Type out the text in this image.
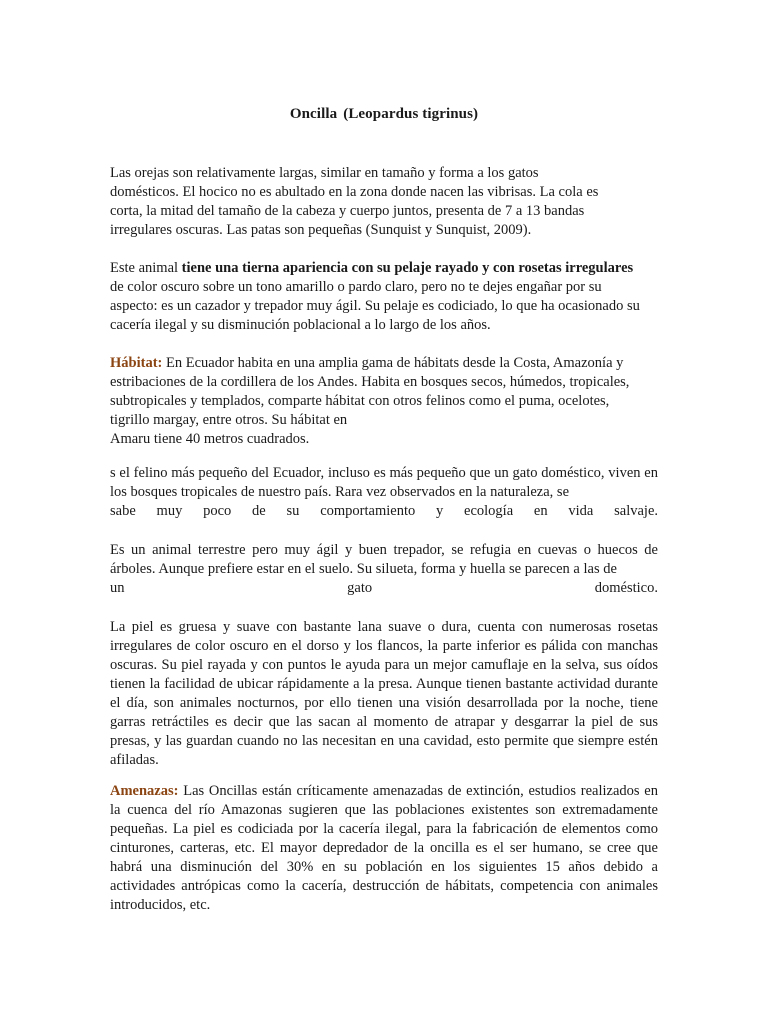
Oncilla (Leopardus tigrinus)
Las orejas son relativamente largas, similar en tamaño y forma a los gatos
domésticos. El hocico no es abultado en la zona donde nacen las vibrisas. La cola es
corta, la mitad del tamaño de la cabeza y cuerpo juntos, presenta de 7 a 13 bandas
irregulares oscuras. Las patas son pequeñas (Sunquist y Sunquist, 2009).
Este animal tiene una tierna apariencia con su pelaje rayado y con rosetas irregulares de color oscuro sobre un tono amarillo o pardo claro, pero no te dejes engañar por su aspecto: es un cazador y trepador muy ágil. Su pelaje es codiciado, lo que ha ocasionado su cacería ilegal y su disminución poblacional a lo largo de los años.
Hábitat: En Ecuador habita en una amplia gama de hábitats desde la Costa, Amazonía y estribaciones de la cordillera de los Andes. Habita en bosques secos, húmedos, tropicales, subtropicales y templados, comparte hábitat con otros felinos como el puma, ocelotes, tigrillo margay, entre otros. Su hábitat en
Amaru tiene 40 metros cuadrados.
s el felino más pequeño del Ecuador, incluso es más pequeño que un gato doméstico, viven en los bosques tropicales de nuestro país. Rara vez observados en la naturaleza, se
sabe muy poco de su comportamiento y ecología en vida salvaje.
Es un animal terrestre pero muy ágil y buen trepador, se refugia en cuevas o huecos de árboles. Aunque prefiere estar en el suelo. Su silueta, forma y huella se parecen a las de
un gato doméstico.
La piel es gruesa y suave con bastante lana suave o dura, cuenta con numerosas rosetas irregulares de color oscuro en el dorso y los flancos, la parte inferior es pálida con manchas oscuras. Su piel rayada y con puntos le ayuda para un mejor camuflaje en la selva, sus oídos tienen la facilidad de ubicar rápidamente a la presa. Aunque tienen bastante actividad durante el día, son animales nocturnos, por ello tienen una visión desarrollada por la noche, tiene garras retráctiles es decir que las sacan al momento de atrapar y desgarrar la piel de sus presas, y las guardan cuando no las necesitan en una cavidad, esto permite que siempre estén afiladas.
Amenazas: Las Oncillas están críticamente amenazadas de extinción, estudios realizados en la cuenca del río Amazonas sugieren que las poblaciones existentes son extremadamente pequeñas. La piel es codiciada por la cacería ilegal, para la fabricación de elementos como cinturones, carteras, etc. El mayor depredador de la oncilla es el ser humano, se cree que habrá una disminución del 30% en su población en los siguientes 15 años debido a actividades antrópicas como la cacería, destrucción de hábitats, competencia con animales introducidos, etc.
